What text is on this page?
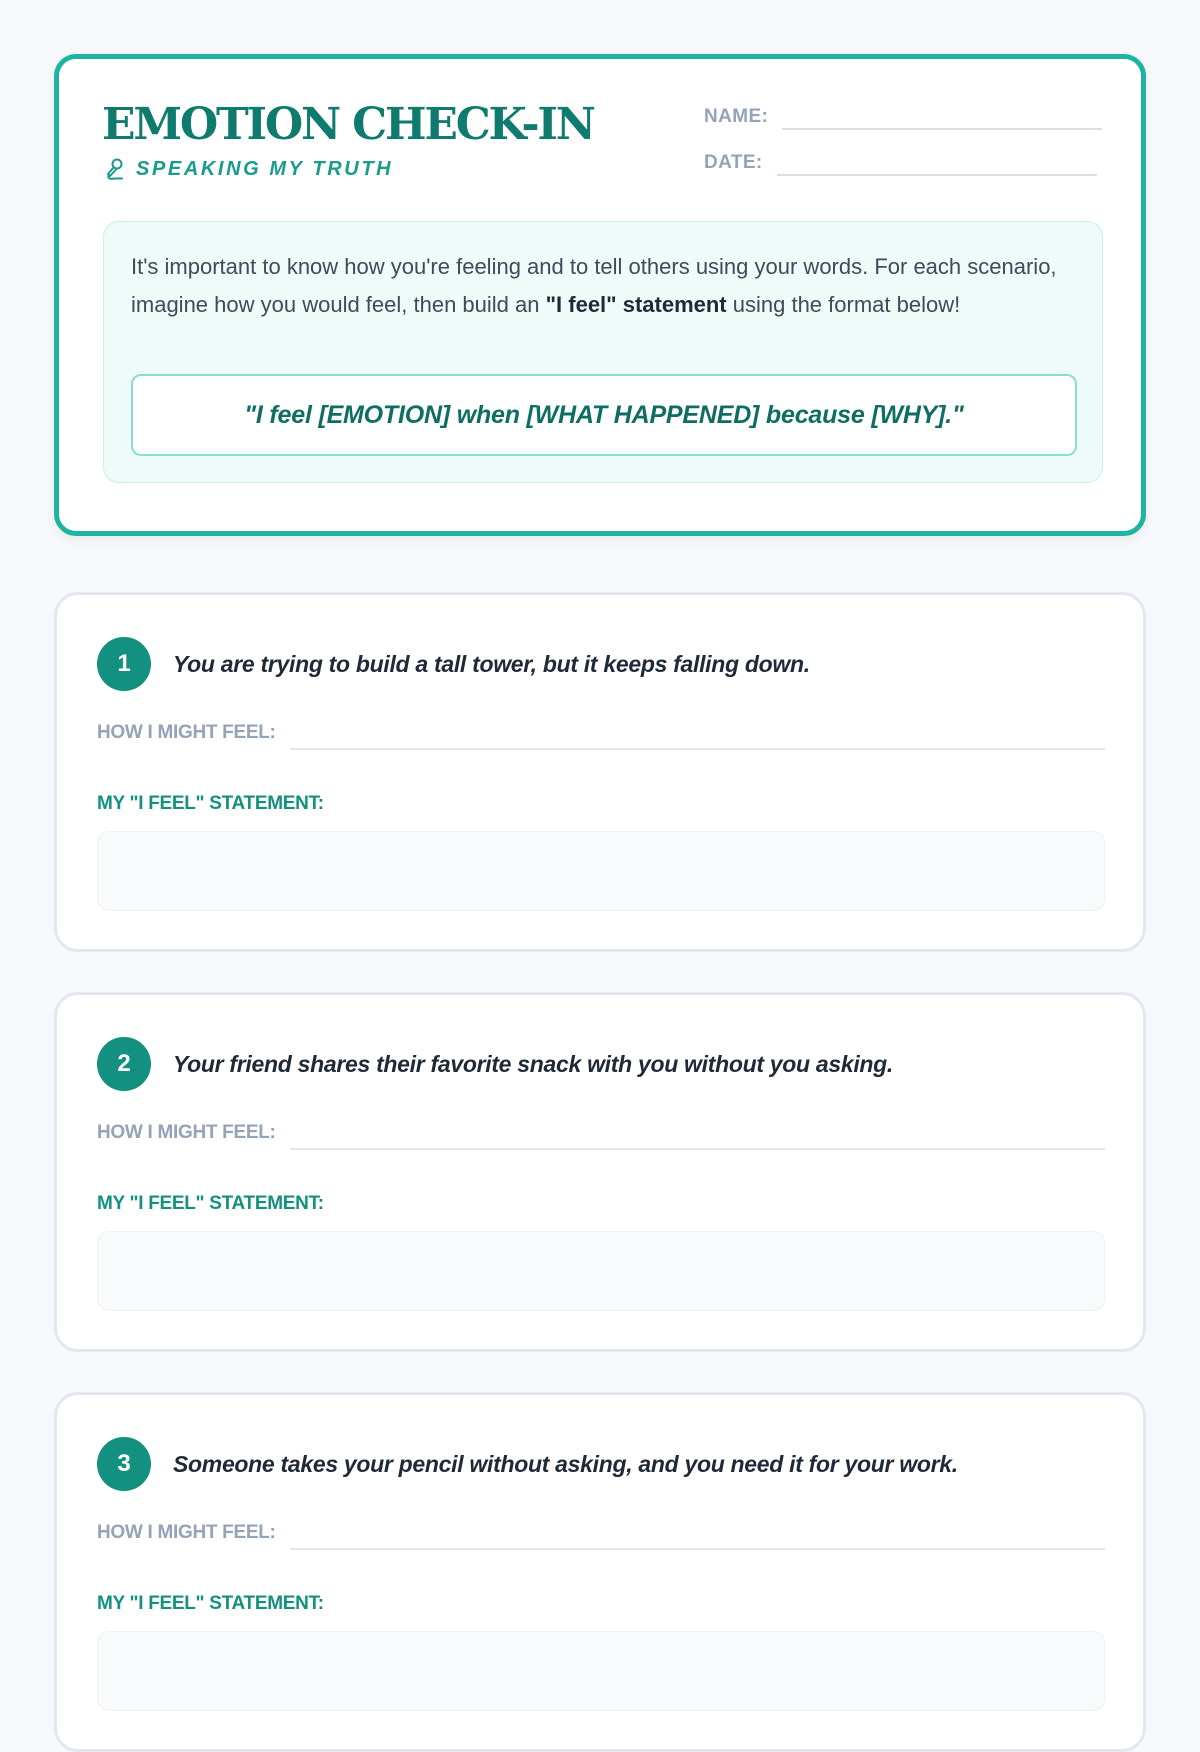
EMOTION CHECK-IN
SPEAKING MY TRUTH
NAME:
DATE:

It's important to know how you're feeling and to tell others using your words. For each scenario, imagine how you would feel, then build an "I feel" statement using the format below!

"I feel [EMOTION] when [WHAT HAPPENED] because [WHY]."
1	You are trying to build a tall tower, but it keeps falling down.

HOW I MIGHT FEEL:
MY "I FEEL" STATEMENT:
2	Your friend shares their favorite snack with you without you asking.

HOW I MIGHT FEEL:
MY "I FEEL" STATEMENT:
3	Someone takes your pencil without asking, and you need it for your work.

HOW I MIGHT FEEL:
MY "I FEEL" STATEMENT:
